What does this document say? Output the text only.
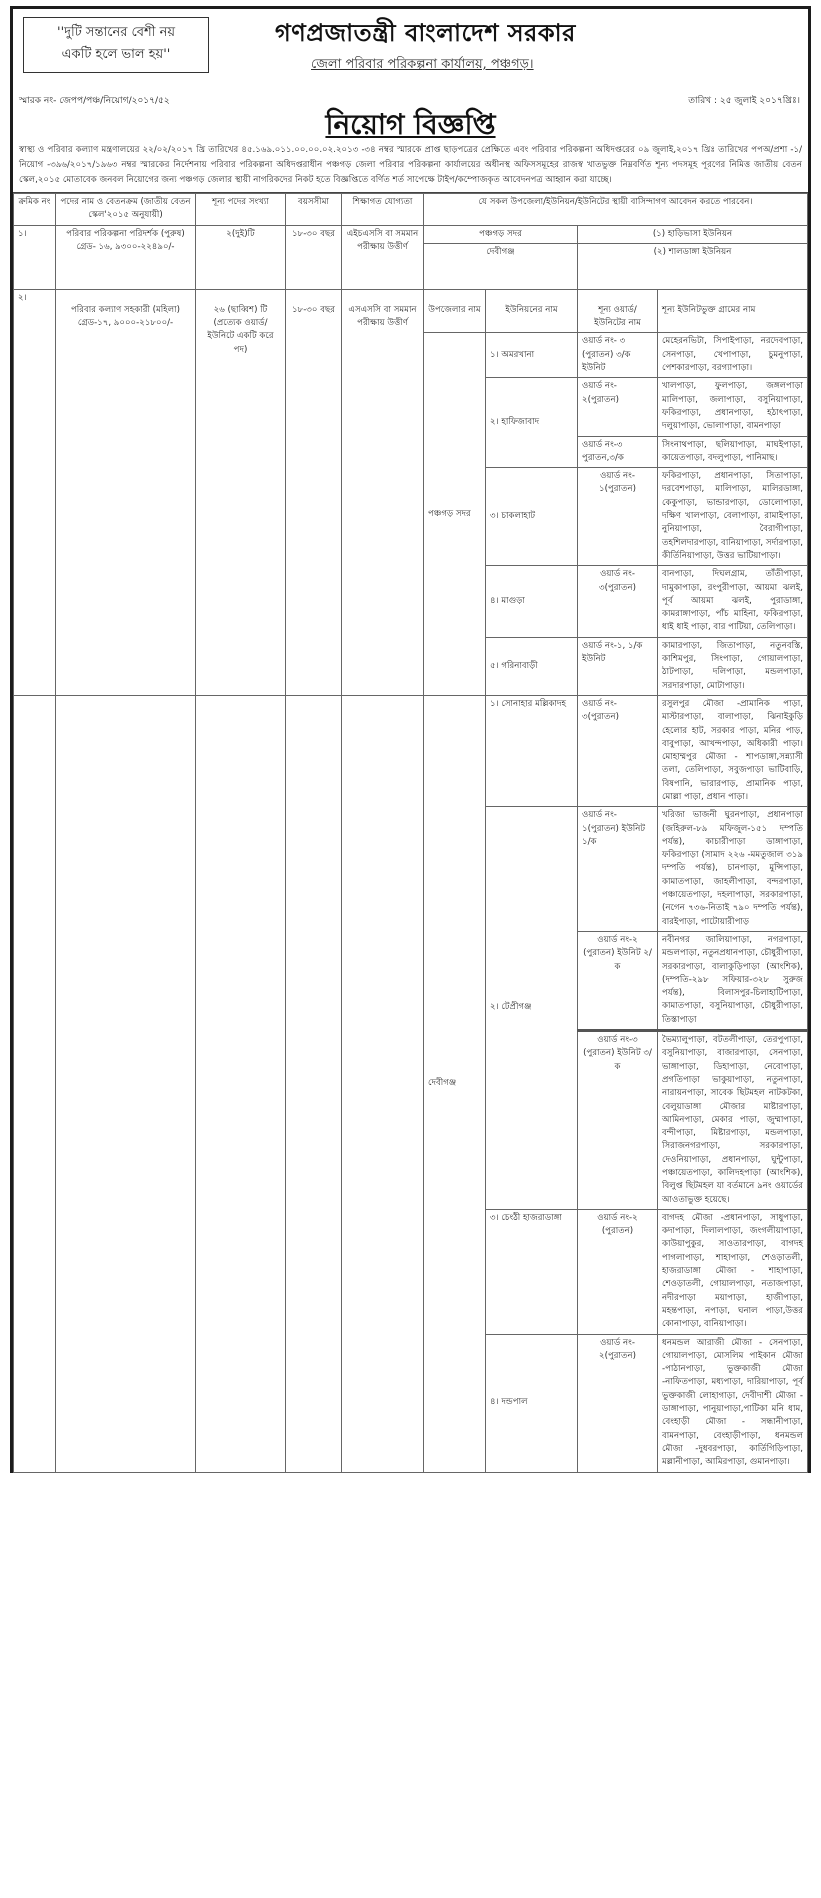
''দুটি সন্তানের বেশী নয়
একটি হলে ভাল হয়''
গণপ্রজাতন্ত্রী বাংলাদেশ সরকার
জেলা পরিবার পরিকল্পনা কার্যালয়, পঞ্চগড়।
স্মারক নং- জেপপ/পঞ্চ/নিয়োগ/২০১৭/৫২	তারিখ : ২৫ জুলাই ২০১৭খ্রিঃ।
নিয়োগ বিজ্ঞপ্তি
স্বাস্থ্য ও পরিবার কল্যাণ মন্ত্রণালয়ের ২২/০২/২০১৭ খ্রি তারিখের ৪৫.১৬৯.০১১.০০.০০.০২.২০১৩ -৩৪ নম্বর স্মারকে প্রাপ্ত ছাড়পত্রের প্রেক্ষিতে এবং পরিবার পরিকল্পনা অধিদপ্তরের ০৯ জুলাই,২০১৭ খ্রিঃ তারিখের পপঅ/প্রশা -১/নিয়োগ -৩৯৬/২০১৭/১৯৬৩ নম্বর স্মারকের নির্দেশনায় পরিবার পরিকল্পনা অধিদপ্তরাধীন পঞ্চগড় জেলা পরিবার পরিকল্পনা কার্যালয়ের অধীনস্থ অফিসসমূহের রাজস্ব খাতভুক্ত নিম্নবর্ণিত শূন্য পদসমূহ পূরণের নিমিত্ত জাতীয় বেতন স্কেল,২০১৫ মোতাবেক জনবল নিয়োগের জন্য পঞ্চগড় জেলার স্থায়ী নাগরিকদের নিকট হতে বিজ্ঞপ্তিতে বর্ণিত শর্ত সাপেক্ষে টাইপ/কম্পোজকৃত আবেদনপত্র আহ্বান করা যাচ্ছে।
ক্রমিক নং	পদের নাম ও বেতনক্রম (জাতীয় বেতন স্কেল'২০১৫ অনুযায়ী)	শূন্য পদের সংখ্যা	বয়সসীমা	শিক্ষাগত যোগ্যতা	যে সকল উপজেলা/ইউনিয়ন/ইউনিটের স্থায়ী বাসিন্দাগণ আবেদন করতে পারবেন।			
১।	পরিবার পরিকল্পনা পরিদর্শক (পুরুষ) গ্রেড- ১৬, ৯৩০০-২২৪৯০/-	২(দুই)টি	১৮-৩০ বছর	এইচএসসি বা সমমান পরীক্ষায় উত্তীর্ণ	পঞ্চগড় সদর		(১) হাড়িভাসা ইউনিয়ন	
					দেবীগঞ্জ		(২) শালডাঙ্গা ইউনিয়ন	
২।	পরিবার কল্যাণ সহকারী (মহিলা) গ্রেড-১৭, ৯০০০-২১৮০০/-	২৬ (ছাব্বিশ) টি (প্রত্যেক ওয়ার্ড/ ইউনিটে একটি করে পদ)	১৮-৩০ বছর	এসএসসি বা সমমান পরীক্ষায় উত্তীর্ণ	উপজেলার নাম	ইউনিয়নের নাম	শূন্য ওয়ার্ড/ ইউনিটের নাম	শূন্য ইউনিটভুক্ত গ্রামের নাম
					পঞ্চগড় সদর	১। অমরখানা	ওয়ার্ড নং- ৩ (পুরাতন) ৩/ক ইউনিট	মেহেরনভিটা, সিপাইপাড়া, নরদেবপাড়া, সেনপাড়া, খেপাপাড়া, চুমনুপাড়া, পেশকারপাড়া, বরগ্যাপাড়া।
						২। হাফিজাবাদ	ওয়ার্ড নং- ২(পুরাতন)	খালপাড়া, ফুলপাড়া, জঙ্গলপাড়া মালিপাড়া, জলাপাড়া, বসুনিয়াপাড়া, ফকিরপাড়া, প্রধানপাড়া, হঠাৎপাড়া, দলুয়াপাড়া, ভোলাপাড়া, বামনপাড়া
							ওয়ার্ড নং-৩ পুরাতন,৩/ক	সিংনাথপাড়া, ছলিয়াপাড়া, মাঘইপাড়া, কায়েতপাড়া, বদলুপাড়া, পানিমাছ।
						৩। চাকলাহাট	ওয়ার্ড নং- ১(পুরাতন)	ফকিরপাড়া, প্রধানপাড়া, সিতাপাড়া, দরবেশপাড়া, মালিপাড়া, মালিরডাঙ্গা, কেকুপাড়া, ভান্ডারপাড়া, ডোলোপাড়া, দক্ষিণ খালপাড়া, বেলাপাড়া, রামাইপাড়া, নুনিয়াপাড়া, বৈরাগীপাড়া, তহশিলদারপাড়া, বানিয়াপাড়া, সর্দারপাড়া, কীর্তিনিয়াপাড়া, উত্তর ভাটিয়াপাড়া।
						৪। মাগুড়া	ওয়ার্ড নং- ৩(পুরাতন)	বানপাড়া, দিঘলগ্রাম, তাঁতীপাড়া, দামুকাপাড়া, রংপুরীপাড়া, আয়মা ঝলই, পূর্ব আয়মা ঝলই, পুরাডাঙ্গা, কামরাঙ্গাপাড়া, পাঁচ মাহিনা, ফকিরপাড়া, ধাই ধাই পাড়া, বার পাটিয়া, তেলিপাড়া।
						৫। গরিনাবাড়ী	ওয়ার্ড নং-১, ১/ক ইউনিট	কামারপাড়া, জিতাপাড়া, নতুনবস্তি, কাশিমপুর, সিংপাড়া, গোয়ালপাড়া, ঠাটপাড়া, দলিপাড়া, মন্ডলপাড়া, সরদারপাড়া, মোটাপাড়া।
					দেবীগঞ্জ	১। সোনাহার মল্লিকাদহ	ওয়ার্ড নং- ৩(পুরাতন)	রসুলপুর মৌজা -প্রামানিক পাড়া, মাস্টারপাড়া, বালাপাড়া, ঝিনাইকুড়ি হেলোর হাট, সরকার পাড়া, মনির পাড়, বাবুপাড়া, আখন্দপাড়া, অধিকারী পাড়া।মোহাম্মপুর মৌজা - শাপডাঙ্গা,সন্ন্যাসী তলা, তেলিপাড়া, সবুজপাড়া ভাটিবাড়ি, বিষপানি, ভারারপাড়, প্রামানিক পাড়া, মোল্লা পাড়া, প্রধান পাড়া।
						২। টেপ্রীগঞ্জ	ওয়ার্ড নং- ১(পুরাতন) ইউনিট ১/ক	খরিজা ভাজনী ঘুরনপাড়া, প্রধানপাড়া (জহিরুল-৮৯ মফিজুল-১৫১ দম্পতি পর্যন্ত), কাচারীপাড়া ডাঙ্গাপাড়া, ফকিরপাড়া (সামাদ ২২৬ -মমতুজাল ৩১৯ দম্পতি পর্যন্ত), চানপাড়া, মুন্সিপাড়া, কামাতপাড়া, জাহলীপাড়া, বন্দরপাড়া, পঞ্চায়েতপাড়া, দহলাপাড়া, সরকারপাড়া, (নগেন ৭৩৬-নিতাই ৭৯০ দম্পতি পর্যন্ত), বারইপাড়া, পাটোয়ারীপাড়
							ওয়ার্ড নং-২ (পুরাতন) ইউনিট ২/ক	নবীনগর জালিয়াপাড়া, নগরপাড়া, মন্ডলপাড়া, নতুনপ্রধানপাড়া, চৌধুরীপাড়া, সরকারপাড়া, বালাকুড়িপাড়া (আংশিক), (দম্পতি-২৯৮ সফিয়ার-৩২৮ সুরুজ পর্যন্ত), বিলাসপুর-চিলাহাটিপাড়া, কামাতপাড়া, বসুনিয়াপাড়া, চৌধুরীপাড়া, তিস্তাপাড়া
							ওয়ার্ড নং-৩ (পুরাতন) ইউনিট ৩/ক	ভৈম্যালুপাড়া, বটতলীপাড়া, তেরপুপাড়া, বসুনিয়াপাড়া, বাজারপাড়া, সেনপাড়া, ভাঙ্গাপাড়া, ডিহাপাড়া, নেবোপাড়া, প্রগতিপাড়া ভাকুয়াপাড়া, নতুনপাড়া, নারায়নপাড়া, সাবেক ছিটমহল নাটকটকা, বেলুয়াডাঙ্গা মৌজার মাষ্টারপাড়া, আমিনপাড়া, মেকার পাড়া, জুম্মাপাড়া, বন্দীপাড়া, মিষ্টারপাড়া, মন্ডলপাড়া, সিরাজনগরপাড়া, সরকারপাড়া, দেওনিয়াপাড়া, প্রধানপাড়া, ঘুন্টুপাড়া, পঞ্চায়েতপাড়া, কালিদহপাড়া (আংশিক), বিলুপ্ত ছিটমহল যা বর্তমানে ৯নং ওয়ার্ডের আওতাভুক্ত হয়েছে।
						৩। চেংঠী হাজরাডাঙ্গা	ওয়ার্ড নং-২ (পুরাতন)	বাগদহ মৌজা -প্রধানপাড়া, সাধুপাড়া, কদাপাড়া, দিলালপাড়া, জংগলীয়াপাড়া, কাউয়াপুকুর, সাওতারপাড়া, বাগদহ পাগলাপাড়া, শাহাপাড়া, শেওড়াতলী, হাজরাডাঙ্গা মৌজা - শাহাপাড়া, শেওড়াতলী, গোয়ালপাড়া, নতাজপাড়া, নদীরপাড়া ময়াপাড়া, হাজীপাড়া, মহন্তপাড়া, নপাড়া, ঘনাল পাড়া,উত্তর কোনাপাড়া, বানিয়াপাড়া।
						৪। দন্ডপাল	ওয়ার্ড নং- ২(পুরাতন)	ধনমন্ডল আরাজী মৌজা - সেনপাড়া, গোয়ালপাড়া, মোসলিম পাইকান মৌজা -পাঠানপাড়া, ভুক্তকাজী মৌজা -নাফিতপাড়া, মধ্যপাড়া, দারিয়াপাড়া, পূর্ব ভুক্তকাজী লোহাগাড়া, দেবীদাশী মৌজা - ডাঙ্গাপাড়া, পানুয়াপাড়া,পাটিকা মনি ধাম, বেংহাড়ী মৌজা - সন্ধানীপাড়া, বামনপাড়া, বেংহাড়ীপাড়া, ধনমন্ডল মৌজা -দুধবরপাড়া, কার্তিগিড়িপাড়া, মল্লানীপাড়া, আমিরপাড়া, গুমানপাড়া।
